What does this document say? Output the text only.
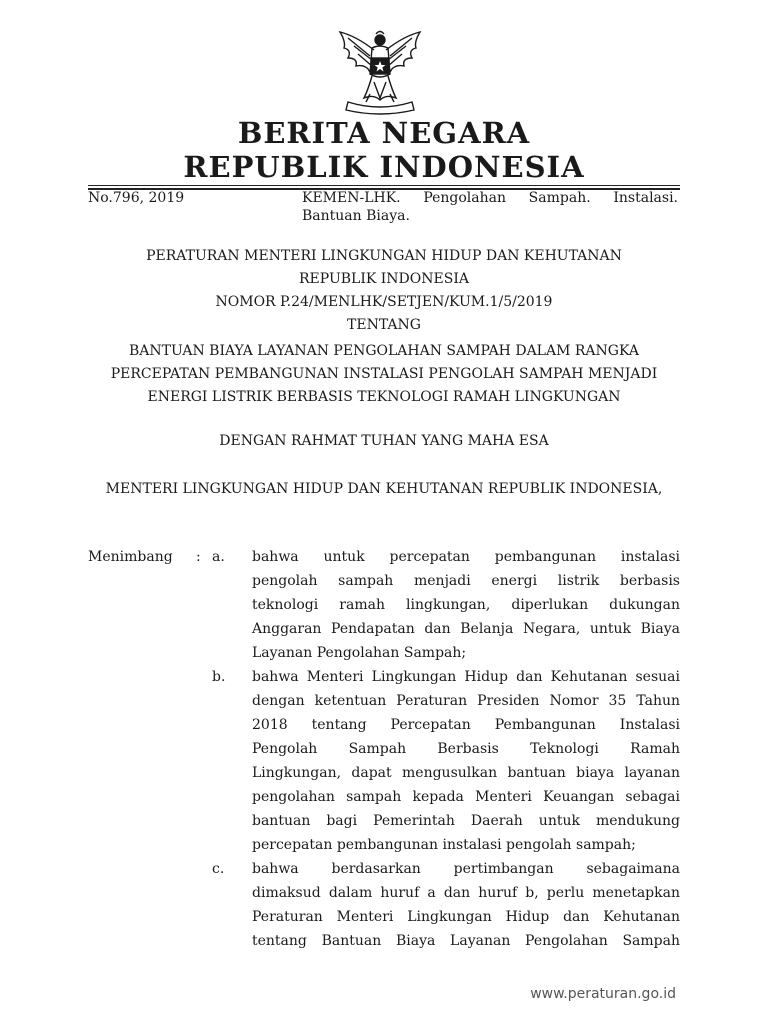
BERITA NEGARA
REPUBLIK INDONESIA
No.796, 2019	KEMEN-LHK. Pengolahan Sampah. Instalasi.
Bantuan Biaya.
PERATURAN MENTERI LINGKUNGAN HIDUP DAN KEHUTANAN
REPUBLIK INDONESIA
NOMOR P.24/MENLHK/SETJEN/KUM.1/5/2019
TENTANG
BANTUAN BIAYA LAYANAN PENGOLAHAN SAMPAH DALAM RANGKA
PERCEPATAN PEMBANGUNAN INSTALASI PENGOLAH SAMPAH MENJADI
ENERGI LISTRIK BERBASIS TEKNOLOGI RAMAH LINGKUNGAN
DENGAN RAHMAT TUHAN YANG MAHA ESA
MENTERI LINGKUNGAN HIDUP DAN KEHUTANAN REPUBLIK INDONESIA,
Menimbang : a. bahwa untuk percepatan pembangunan instalasi
pengolah sampah menjadi energi listrik berbasis
teknologi ramah lingkungan, diperlukan dukungan
Anggaran Pendapatan dan Belanja Negara, untuk Biaya
Layanan Pengolahan Sampah;
b. bahwa Menteri Lingkungan Hidup dan Kehutanan sesuai
dengan ketentuan Peraturan Presiden Nomor 35 Tahun
2018 tentang Percepatan Pembangunan Instalasi
Pengolah Sampah Berbasis Teknologi Ramah
Lingkungan, dapat mengusulkan bantuan biaya layanan
pengolahan sampah kepada Menteri Keuangan sebagai
bantuan bagi Pemerintah Daerah untuk mendukung
percepatan pembangunan instalasi pengolah sampah;
c. bahwa berdasarkan pertimbangan sebagaimana
dimaksud dalam huruf a dan huruf b, perlu menetapkan
Peraturan Menteri Lingkungan Hidup dan Kehutanan
tentang Bantuan Biaya Layanan Pengolahan Sampah
www.peraturan.go.id
